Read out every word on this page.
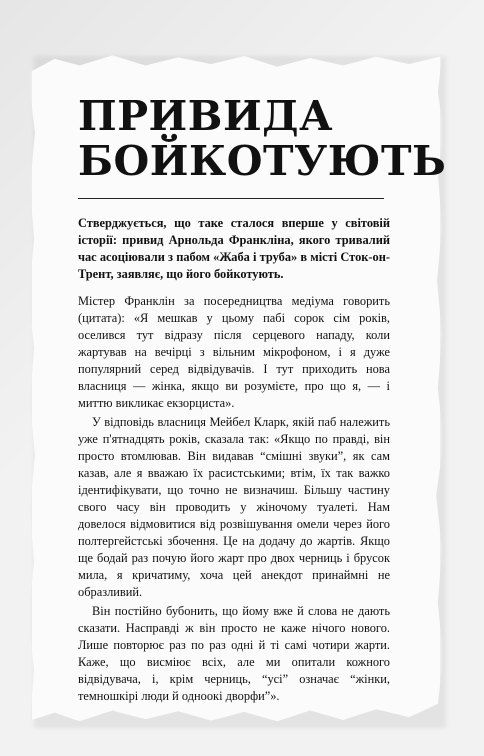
ПРИВИДА
БОЙКОТУЮТЬ

Стверджується, що таке сталося вперше у світовій історії: привид Арнольда Франкліна, якого тривалий час асоціювали з пабом «Жаба і труба» в місті Сток-он-Трент, заявляє, що його бойкотують.

Містер Франклін за посередництва медіума говорить (цитата): «Я мешкав у цьому пабі сорок сім років, оселився тут відразу після серцевого нападу, коли жартував на вечірці з вільним мікрофоном, і я дуже популярний серед відвідувачів. І тут приходить нова власниця — жінка, якщо ви розумієте, про що я, — і миттю викликає екзорциста».

У відповідь власниця Мейбел Кларк, якій паб належить уже п'ятнадцять років, сказала так: «Якщо по правді, він просто втомлював. Він видавав “смішні звуки”, як сам казав, але я вважаю їх расистськими; втім, їх так важко ідентифікувати, що точно не визначиш. Більшу частину свого часу він проводить у жіночому туалеті. Нам довелося відмовитися від розвішування омели через його полтергейстські збочення. Це на додачу до жартів. Якщо ще бодай раз почую його жарт про двох черниць і брусок мила, я кричатиму, хоча цей анекдот принаймні не образливий.

Він постійно бубонить, що йому вже й слова не дають сказати. Насправді ж він просто не каже нічого нового. Лише повторює раз по раз одні й ті самі чотири жарти. Каже, що висміює всіх, але ми опитали кожного відвідувача, і, крім черниць, “усі” означає “жінки, темношкірі люди й одноокі дворфи”».
